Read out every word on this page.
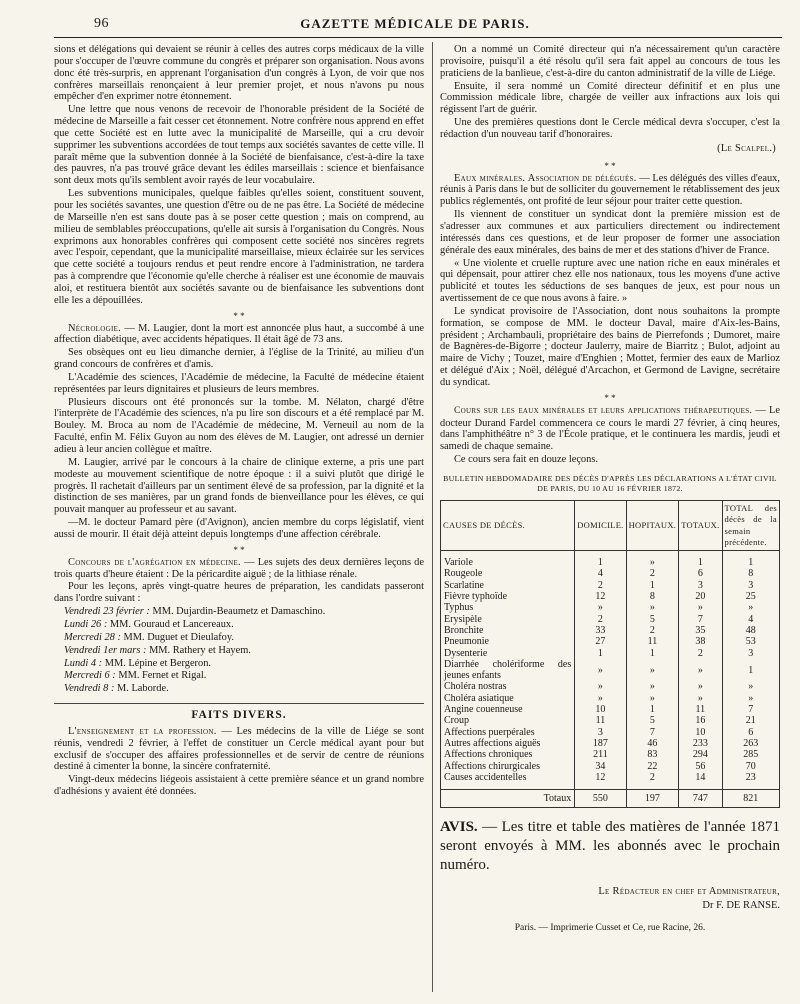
96	GAZETTE MÉDICALE DE PARIS.

sions et délégations qui devaient se réunir à celles des autres corps médicaux de la ville pour s'occuper de l'œuvre commune du congrès et préparer son organisation. Nous avons donc été très-surpris, en apprenant l'organisation d'un congrès à Lyon, de voir que nos confrères marseillais renonçaient à leur premier projet, et nous n'avons pu nous empêcher d'en exprimer notre étonnement.

Une lettre que nous venons de recevoir de l'honorable président de la Société de médecine de Marseille a fait cesser cet étonnement. Notre confrère nous apprend en effet que cette Société est en lutte avec la municipalité de Marseille, qui a cru devoir supprimer les subventions accordées de tout temps aux sociétés savantes de cette ville. Il paraît même que la subvention donnée à la Société de bienfaisance, c'est-à-dire la taxe des pauvres, n'a pas trouvé grâce devant les édiles marseillais : science et bienfaisance sont deux mots qu'ils semblent avoir rayés de leur vocabulaire.

Les subventions municipales, quelque faibles qu'elles soient, constituent souvent, pour les sociétés savantes, une question d'être ou de ne pas être. La Société de médecine de Marseille n'en est sans doute pas à se poser cette question ; mais on comprend, au milieu de semblables préoccupations, qu'elle ait sursis à l'organisation du Congrès. Nous exprimons aux honorables confrères qui composent cette société nos sincères regrets avec l'espoir, cependant, que la municipalité marseillaise, mieux éclairée sur les services que cette société a toujours rendus et peut rendre encore à l'administration, ne tardera pas à comprendre que l'économie qu'elle cherche à réaliser est une économie de mauvais aloi, et restituera bientôt aux sociétés savante ou de bienfaisance les subventions dont elle les a dépouillées.

* *

Nécrologie. — M. Laugier, dont la mort est annoncée plus haut, a succombé à une affection diabétique, avec accidents hépatiques. Il était âgé de 73 ans.

Ses obsèques ont eu lieu dimanche dernier, à l'église de la Trinité, au milieu d'un grand concours de confrères et d'amis.

L'Académie des sciences, l'Académie de médecine, la Faculté de médecine étaient représentées par leurs dignitaires et plusieurs de leurs membres.

Plusieurs discours ont été prononcés sur la tombe. M. Nélaton, chargé d'être l'interprète de l'Académie des sciences, n'a pu lire son discours et a été remplacé par M. Bouley. M. Broca au nom de l'Académie de médecine, M. Verneuil au nom de la Faculté, enfin M. Félix Guyon au nom des élèves de M. Laugier, ont adressé un dernier adieu à leur ancien collègue et maître.

M. Laugier, arrivé par le concours à la chaire de clinique externe, a pris une part modeste au mouvement scientifique de notre époque : il a suivi plutôt que dirigé le progrès. Il rachetait d'ailleurs par un sentiment élevé de sa profession, par la dignité et la distinction de ses manières, par un grand fonds de bienveillance pour les élèves, ce qui pouvait manquer au professeur et au savant.

—M. le docteur Pamard père (d'Avignon), ancien membre du corps législatif, vient aussi de mourir. Il était déjà atteint depuis longtemps d'une affection cérébrale.

* *

Concours de l'agrégation en médecine. — Les sujets des deux dernières leçons de trois quarts d'heure étaient : De la péricardite aiguë ; de la lithiase rénale.

Pour les leçons, après vingt-quatre heures de préparation, les candidats passeront dans l'ordre suivant :

Vendredi 23 février : MM. Dujardin-Beaumetz et Damaschino.

Lundi 26 : MM. Gouraud et Lancereaux.

Mercredi 28 : MM. Duguet et Dieulafoy.

Vendredi 1er mars : MM. Rathery et Hayem.

Lundi 4 : MM. Lépine et Bergeron.

Mercredi 6 : MM. Fernet et Rigal.

Vendredi 8 : M. Laborde.

FAITS DIVERS.

L'enseignement et la profession. — Les médecins de la ville de Liége se sont réunis, vendredi 2 février, à l'effet de constituer un Cercle médical ayant pour but exclusif de s'occuper des affaires professionnelles et de servir de centre de réunions destiné à cimenter la bonne, la sincère confraternité.

Vingt-deux médecins liégeois assistaient à cette première séance et un grand nombre d'adhésions y avaient été données.

On a nommé un Comité directeur qui n'a nécessairement qu'un caractère provisoire, puisqu'il a été résolu qu'il sera fait appel au concours de tous les praticiens de la banlieue, c'est-à-dire du canton administratif de la ville de Liége.

Ensuite, il sera nommé un Comité directeur définitif et en plus une Commission médicale libre, chargée de veiller aux infractions aux lois qui régissent l'art de guérir.

Une des premières questions dont le Cercle médical devra s'occuper, c'est la rédaction d'un nouveau tarif d'honoraires.

(Le Scalpel.)
* *

Eaux minérales. Association de délégués. — Les délégués des villes d'eaux, réunis à Paris dans le but de solliciter du gouvernement le rétablissement des jeux publics réglementés, ont profité de leur séjour pour traiter cette question.

Ils viennent de constituer un syndicat dont la première mission est de s'adresser aux communes et aux particuliers directement ou indirectement intéressés dans ces questions, et de leur proposer de former une association générale des eaux minérales, des bains de mer et des stations d'hiver de France.

« Une violente et cruelle rupture avec une nation riche en eaux minérales et qui dépensait, pour attirer chez elle nos nationaux, tous les moyens d'une active publicité et toutes les séductions de ses banques de jeux, est pour nous un avertissement de ce que nous avons à faire. »

Le syndicat provisoire de l'Association, dont nous souhaitons la prompte formation, se compose de MM. le docteur Daval, maire d'Aix-les-Bains, président ; Archambauli, propriétaire des bains de Pierrefonds ; Dumoret, maire de Bagnères-de-Bigorre ; docteur Jaulerry, maire de Biarritz ; Bulot, adjoint au maire de Vichy ; Touzet, maire d'Enghien ; Mottet, fermier des eaux de Marlioz et délégué d'Aix ; Noël, délégué d'Arcachon, et Germond de Lavigne, secrétaire du syndicat.

* *

Cours sur les eaux minérales et leurs applications thérapeutiques. — Le docteur Durand Fardel commencera ce cours le mardi 27 février, à cinq heures, dans l'amphithéâtre n° 3 de l'École pratique, et le continuera les mardis, jeudi et samedi de chaque semaine.

Ce cours sera fait en douze leçons.

BULLETIN HEBDOMADAIRE DES DÉCÈS D'APRÈS LES DÉCLARATIONS A L'ÉTAT CIVIL
DE PARIS, DU 10 AU 16 FÉVRIER 1872.
CAUSES DE DÉCÈS.	DOMICILE.	HOPITAUX.	TOTAUX.	TOTAL des décès de la semain précédente.

Variole	1	»	1	1
Rougeole	4	2	6	8
Scarlatine	2	1	3	3
Fièvre typhoïde	12	8	20	25
Typhus	»	»	»	»
Erysipèle	2	5	7	4
Bronchite	33	2	35	48
Pneumonie	27	11	38	53
Dysenterie	1	1	2	3
Diarrhée cholériforme des jeunes enfants	»	»	»	1
Choléra nostras	»	»	»	»
Choléra asiatique	»	»	»	»
Angine couenneuse	10	1	11	7
Croup	11	5	16	21
Affections puerpérales	3	7	10	6
Autres affections aiguës	187	46	233	263
Affections chroniques	211	83	294	285
Affections chirurgicales	34	22	56	70
Causes accidentelles	12	2	14	23

Totaux	550	197	747	821
AVIS. — Les titre et table des matières de l'année 1871 seront envoyés à MM. les abonnés avec le prochain numéro.
Le Rédacteur en chef et Administrateur,
Dr F. DE RANSE.
Paris. — Imprimerie Cusset et Ce, rue Racine, 26.
